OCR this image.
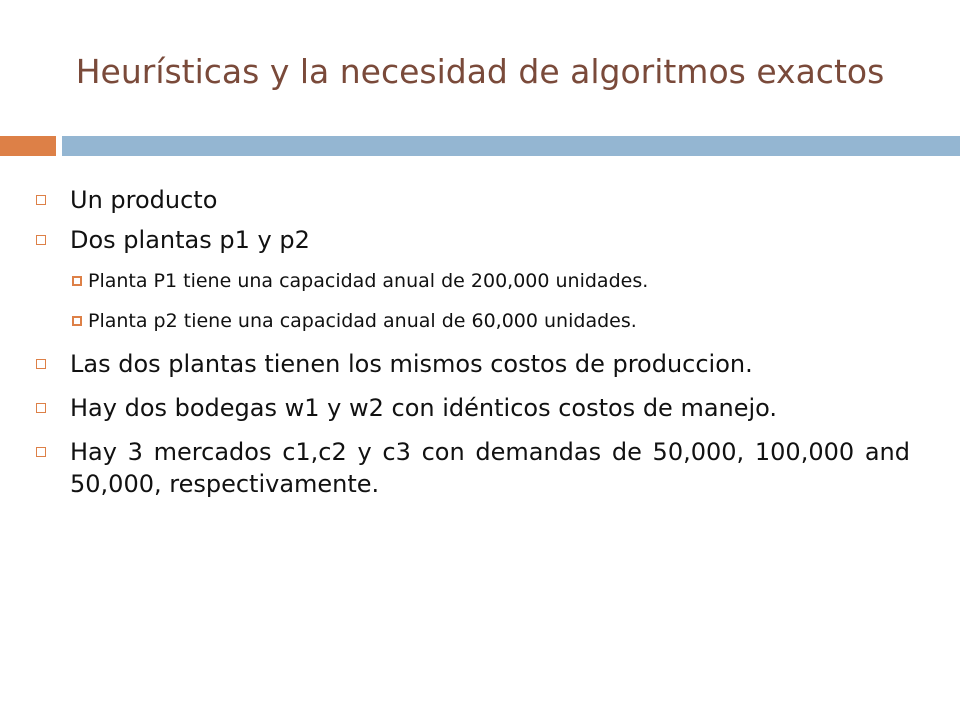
Heurísticas y la necesidad de algoritmos exactos
Un producto
Dos plantas p1 y p2
Planta P1 tiene una capacidad anual de 200,000 unidades.
Planta p2 tiene una capacidad anual de 60,000 unidades.
Las dos plantas tienen los mismos costos de produccion.
Hay dos bodegas w1 y w2 con idénticos costos de manejo.
Hay 3 mercados c1,c2 y c3 con demandas de 50,000, 100,000 and 50,000, respectivamente.
